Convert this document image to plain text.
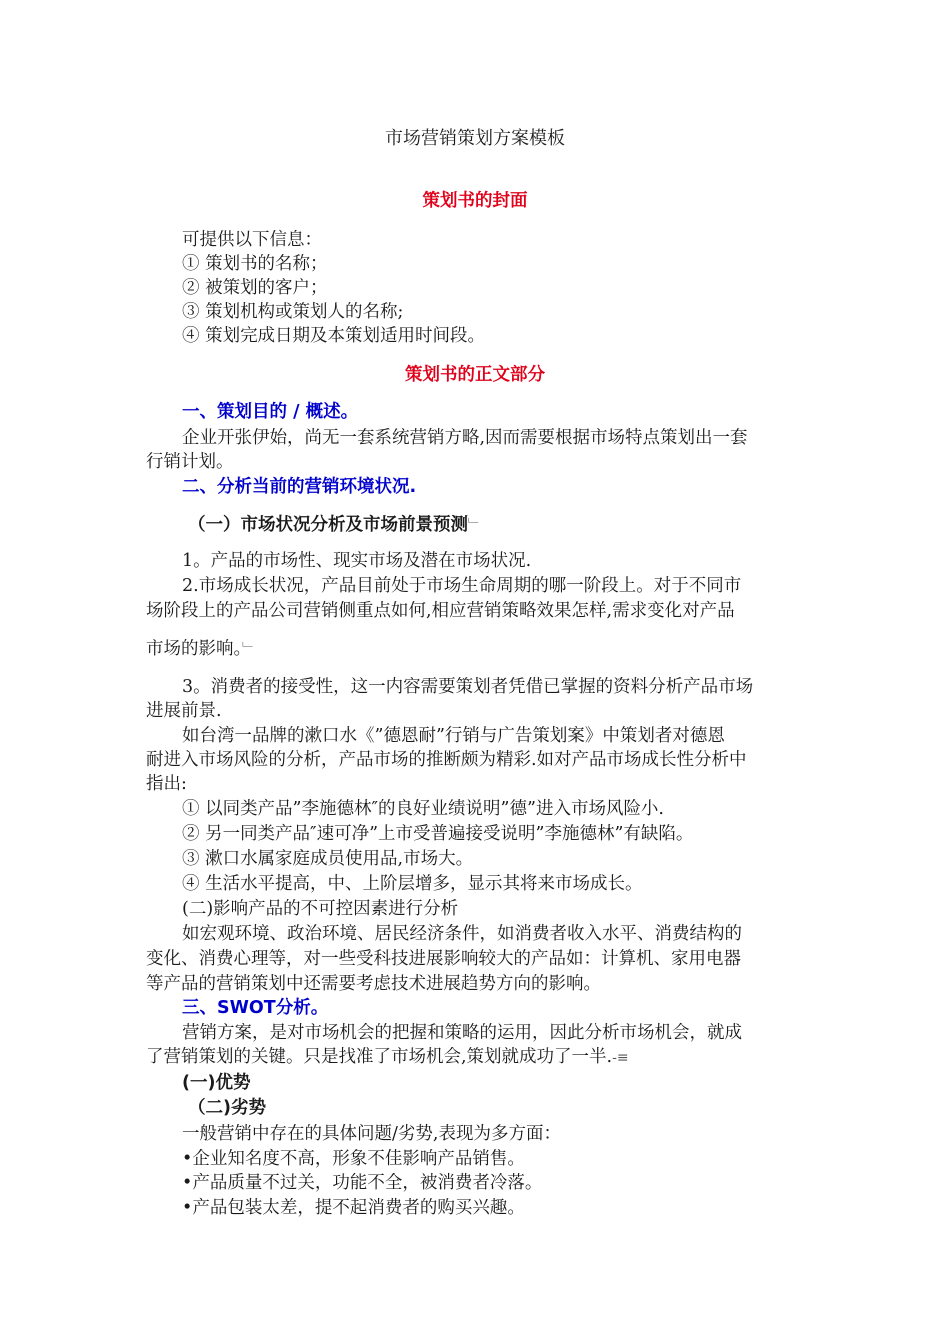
市场营销策划方案模板
策划书的封面
可提供以下信息：
① 策划书的名称；
② 被策划的客户；
③ 策划机构或策划人的名称;
④ 策划完成日期及本策划适用时间段。
策划书的正文部分
一、策划目的 / 概述。
企业开张伊始，尚无一套系统营销方略,因而需要根据市场特点策划出一套
行销计划。
二、分析当前的营销环境状况.
（一）市场状况分析及市场前景预测﹂
1。产品的市场性、现实市场及潜在市场状况.
2.市场成长状况，产品目前处于市场生命周期的哪一阶段上。对于不同市
场阶段上的产品公司营销侧重点如何,相应营销策略效果怎样,需求变化对产品
市场的影响。﹂
3。消费者的接受性，这一内容需要策划者凭借已掌握的资料分析产品市场
进展前景.
如台湾一品牌的漱口水《”德恩耐”行销与广告策划案》中策划者对德恩
耐进入市场风险的分析，产品市场的推断颇为精彩.如对产品市场成长性分析中
指出:
① 以同类产品”李施德林″的良好业绩说明”德”进入市场风险小.
② 另一同类产品″速可净”上市受普遍接受说明”李施德林”有缺陷。
③ 漱口水属家庭成员使用品,市场大。
④ 生活水平提高，中、上阶层增多，显示其将来市场成长。
(二)影响产品的不可控因素进行分析
如宏观环境、政治环境、居民经济条件，如消费者收入水平、消费结构的
变化、消费心理等，对一些受科技进展影响较大的产品如：计算机、家用电器
等产品的营销策划中还需要考虑技术进展趋势方向的影响。
三、SWOT分析。
营销方案，是对市场机会的把握和策略的运用，因此分析市场机会，就成
了营销策划的关键。只是找准了市场机会,策划就成功了一半.-≡
(一)优势
（二)劣势
一般营销中存在的具体问题/劣势,表现为多方面：
•企业知名度不高，形象不佳影响产品销售。
•产品质量不过关，功能不全，被消费者冷落。
•产品包装太差，提不起消费者的购买兴趣。
